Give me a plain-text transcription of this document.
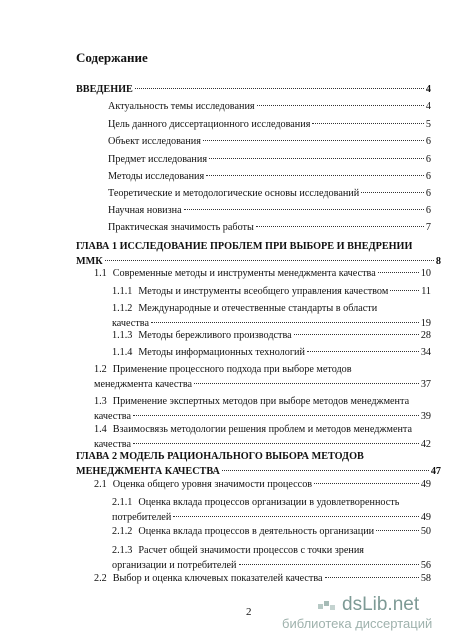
Содержание
ВВЕДЕНИЕ	4
Актуальность темы исследования	4
Цель данного диссертационного исследования	5
Объект исследования	6
Предмет исследования	6
Методы исследования	6
Теоретические и методологические основы исследований	6
Научная новизна	6
Практическая значимость работы	7
ГЛАВА 1 ИССЛЕДОВАНИЕ ПРОБЛЕМ ПРИ ВЫБОРЕ И ВНЕДРЕНИИ
ММК	8
1.1 Современные методы и инструменты менеджмента качества	10
1.1.1 Методы и инструменты всеобщего управления качеством	11
1.1.2 Международные и отечественные стандарты в области
качества	19
1.1.3 Методы бережливого производства	28
1.1.4 Методы информационных технологий	34
1.2 Применение процессного подхода при выборе методов
менеджмента качества	37
1.3 Применение экспертных методов при выборе методов менеджмента
качества	39
1.4 Взаимосвязь методологии решения проблем и методов менеджмента
качества	42
ГЛАВА 2 МОДЕЛЬ РАЦИОНАЛЬНОГО ВЫБОРА МЕТОДОВ
МЕНЕДЖМЕНТА КАЧЕСТВА	47
2.1 Оценка общего уровня значимости процессов	49
2.1.1 Оценка вклада процессов организации в удовлетворенность
потребителей	49
2.1.2 Оценка вклада процессов в деятельность организации	50
2.1.3 Расчет общей значимости процессов с точки зрения
организации и потребителей	56
2.2 Выбор и оценка ключевых показателей качества	58
2	dsLib.net
библиотека диссертаций
